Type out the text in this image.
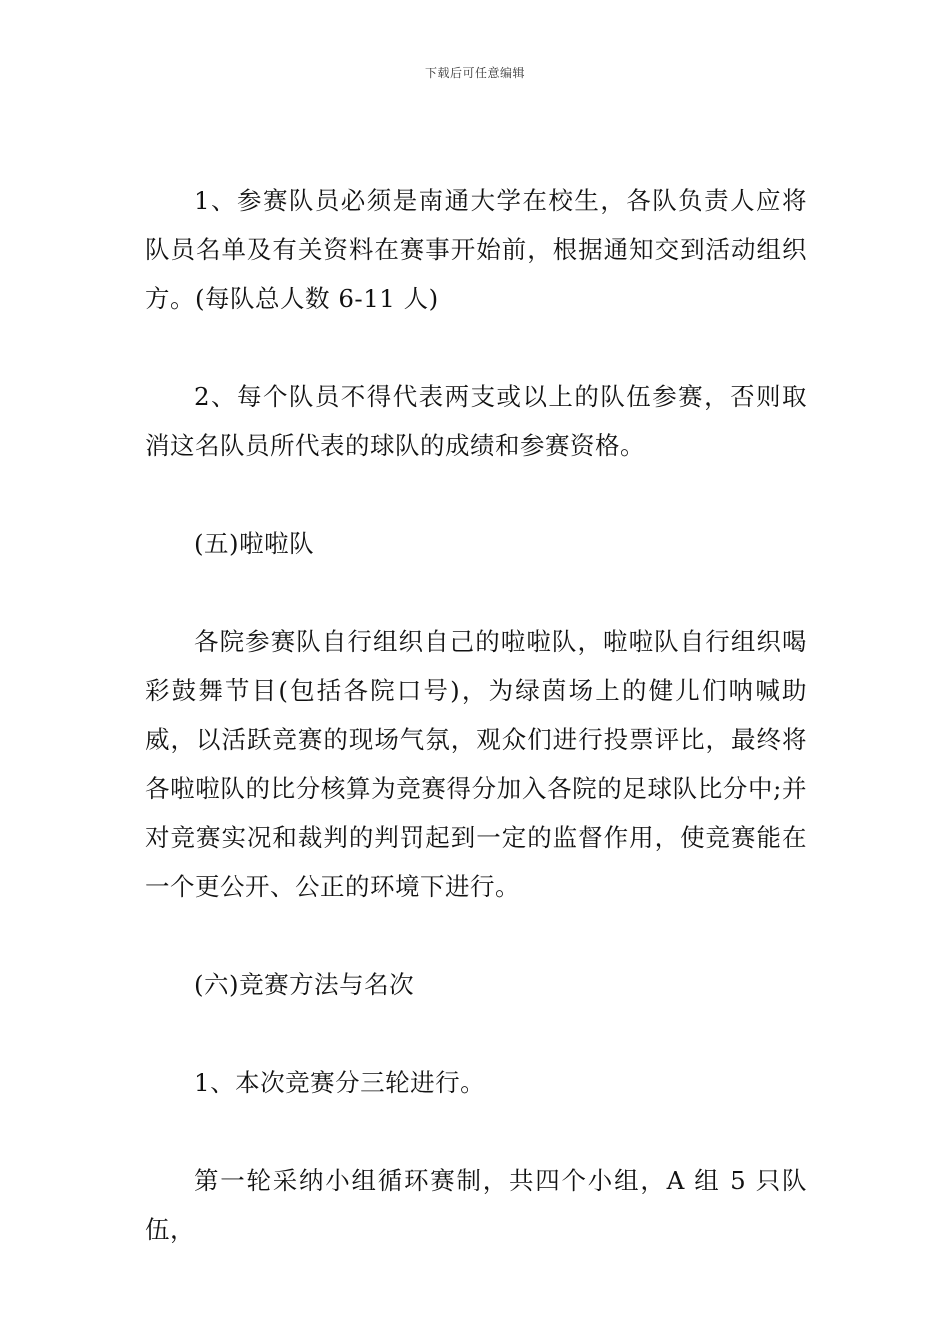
下载后可任意编辑

1、参赛队员必须是南通大学在校生，各队负责人应将队员名单及有关资料在赛事开始前，根据通知交到活动组织方。(每队总人数 6-11 人)

2、每个队员不得代表两支或以上的队伍参赛，否则取消这名队员所代表的球队的成绩和参赛资格。

(五)啦啦队

各院参赛队自行组织自己的啦啦队，啦啦队自行组织喝彩鼓舞节目(包括各院口号)，为绿茵场上的健儿们呐喊助威，以活跃竞赛的现场气氛，观众们进行投票评比，最终将各啦啦队的比分核算为竞赛得分加入各院的足球队比分中;并对竞赛实况和裁判的判罚起到一定的监督作用，使竞赛能在一个更公开、公正的环境下进行。

(六)竞赛方法与名次

1、本次竞赛分三轮进行。

第一轮采纳小组循环赛制，共四个小组，A 组 5 只队伍，
